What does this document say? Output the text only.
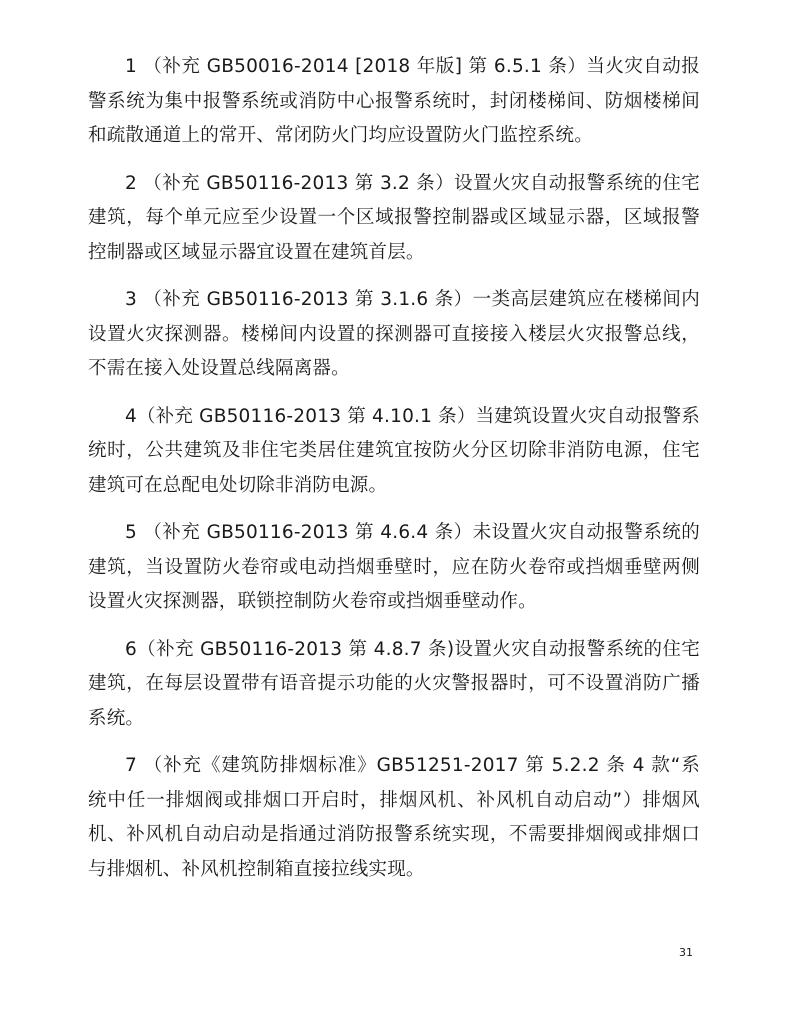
1 （补充 GB50016-2014 [2018 年版] 第 6.5.1 条）当火灾自动报警系统为集中报警系统或消防中心报警系统时，封闭楼梯间、防烟楼梯间和疏散通道上的常开、常闭防火门均应设置防火门监控系统。

2 （补充 GB50116-2013 第 3.2 条）设置火灾自动报警系统的住宅建筑，每个单元应至少设置一个区域报警控制器或区域显示器，区域报警控制器或区域显示器宜设置在建筑首层。

3 （补充 GB50116-2013 第 3.1.6 条）一类高层建筑应在楼梯间内设置火灾探测器。楼梯间内设置的探测器可直接接入楼层火灾报警总线，不需在接入处设置总线隔离器。

4（补充 GB50116-2013 第 4.10.1 条）当建筑设置火灾自动报警系统时，公共建筑及非住宅类居住建筑宜按防火分区切除非消防电源，住宅建筑可在总配电处切除非消防电源。

5 （补充 GB50116-2013 第 4.6.4 条）未设置火灾自动报警系统的建筑，当设置防火卷帘或电动挡烟垂壁时，应在防火卷帘或挡烟垂壁两侧设置火灾探测器，联锁控制防火卷帘或挡烟垂壁动作。

6（补充 GB50116-2013 第 4.8.7 条)设置火灾自动报警系统的住宅建筑，在每层设置带有语音提示功能的火灾警报器时，可不设置消防广播系统。

7 （补充《建筑防排烟标准》GB51251-2017 第 5.2.2 条 4 款“系统中任一排烟阀或排烟口开启时，排烟风机、补风机自动启动”）排烟风机、补风机自动启动是指通过消防报警系统实现，不需要排烟阀或排烟口与排烟机、补风机控制箱直接拉线实现。

31
